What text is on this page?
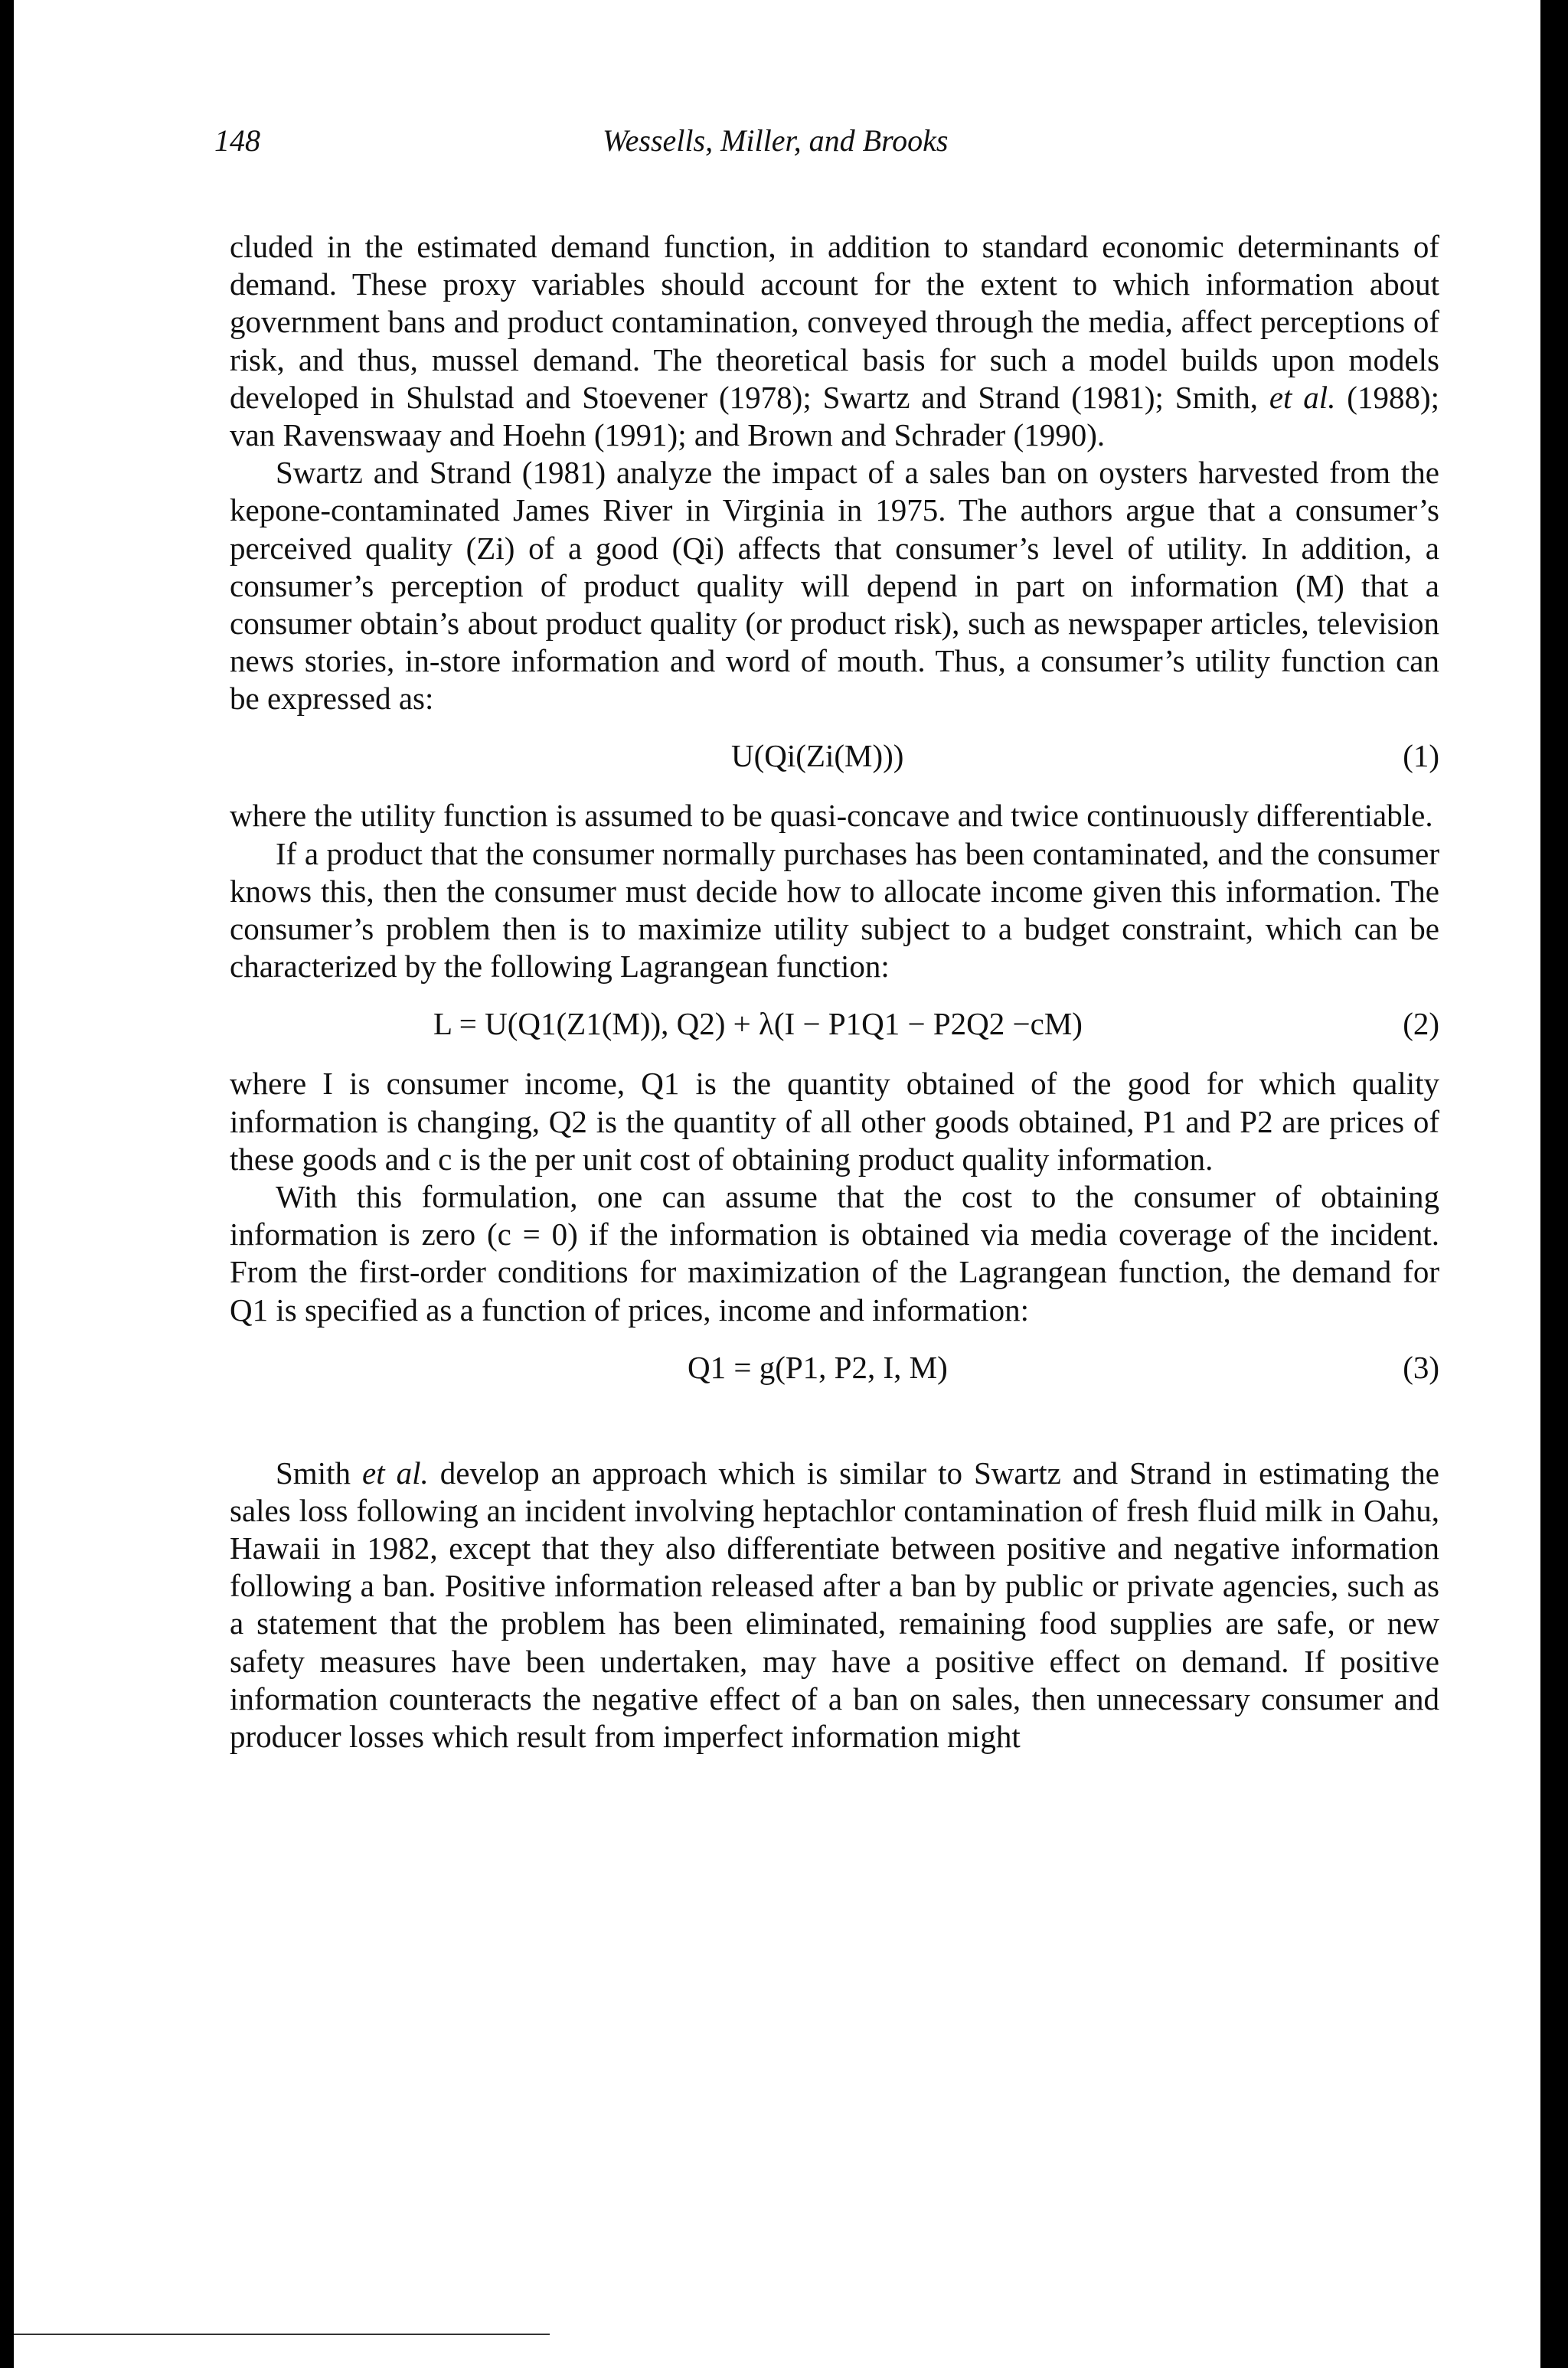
148	Wessells, Miller, and Brooks

cluded in the estimated demand function, in addition to standard economic determinants of demand. These proxy variables should account for the extent to which information about government bans and product contamination, conveyed through the media, affect perceptions of risk, and thus, mussel demand. The theoretical basis for such a model builds upon models developed in Shulstad and Stoevener (1978); Swartz and Strand (1981); Smith, et al. (1988); van Ravenswaay and Hoehn (1991); and Brown and Schrader (1990).

Swartz and Strand (1981) analyze the impact of a sales ban on oysters harvested from the kepone-contaminated James River in Virginia in 1975. The authors argue that a consumer’s perceived quality (Zi) of a good (Qi) affects that consumer’s level of utility. In addition, a consumer’s perception of product quality will depend in part on information (M) that a consumer obtain’s about product quality (or product risk), such as newspaper articles, television news stories, in-store information and word of mouth. Thus, a consumer’s utility function can be expressed as:

U(Qi(Zi(M)))	(1)

where the utility function is assumed to be quasi-concave and twice continuously differentiable.

If a product that the consumer normally purchases has been contaminated, and the consumer knows this, then the consumer must decide how to allocate income given this information. The consumer’s problem then is to maximize utility subject to a budget constraint, which can be characterized by the following Lagrangean function:

L = U(Q1(Z1(M)), Q2) + λ(I − P1Q1 − P2Q2 −cM)	(2)

where I is consumer income, Q1 is the quantity obtained of the good for which quality information is changing, Q2 is the quantity of all other goods obtained, P1 and P2 are prices of these goods and c is the per unit cost of obtaining product quality information.

With this formulation, one can assume that the cost to the consumer of obtaining information is zero (c = 0) if the information is obtained via media coverage of the incident. From the first-order conditions for maximization of the Lagrangean function, the demand for Q1 is specified as a function of prices, income and information:

Q1 = g(P1, P2, I, M)	(3)

Smith et al. develop an approach which is similar to Swartz and Strand in estimating the sales loss following an incident involving heptachlor contamination of fresh fluid milk in Oahu, Hawaii in 1982, except that they also differentiate between positive and negative information following a ban. Positive information released after a ban by public or private agencies, such as a statement that the problem has been eliminated, remaining food supplies are safe, or new safety measures have been undertaken, may have a positive effect on demand. If positive information counteracts the negative effect of a ban on sales, then unnecessary consumer and producer losses which result from imperfect information might
